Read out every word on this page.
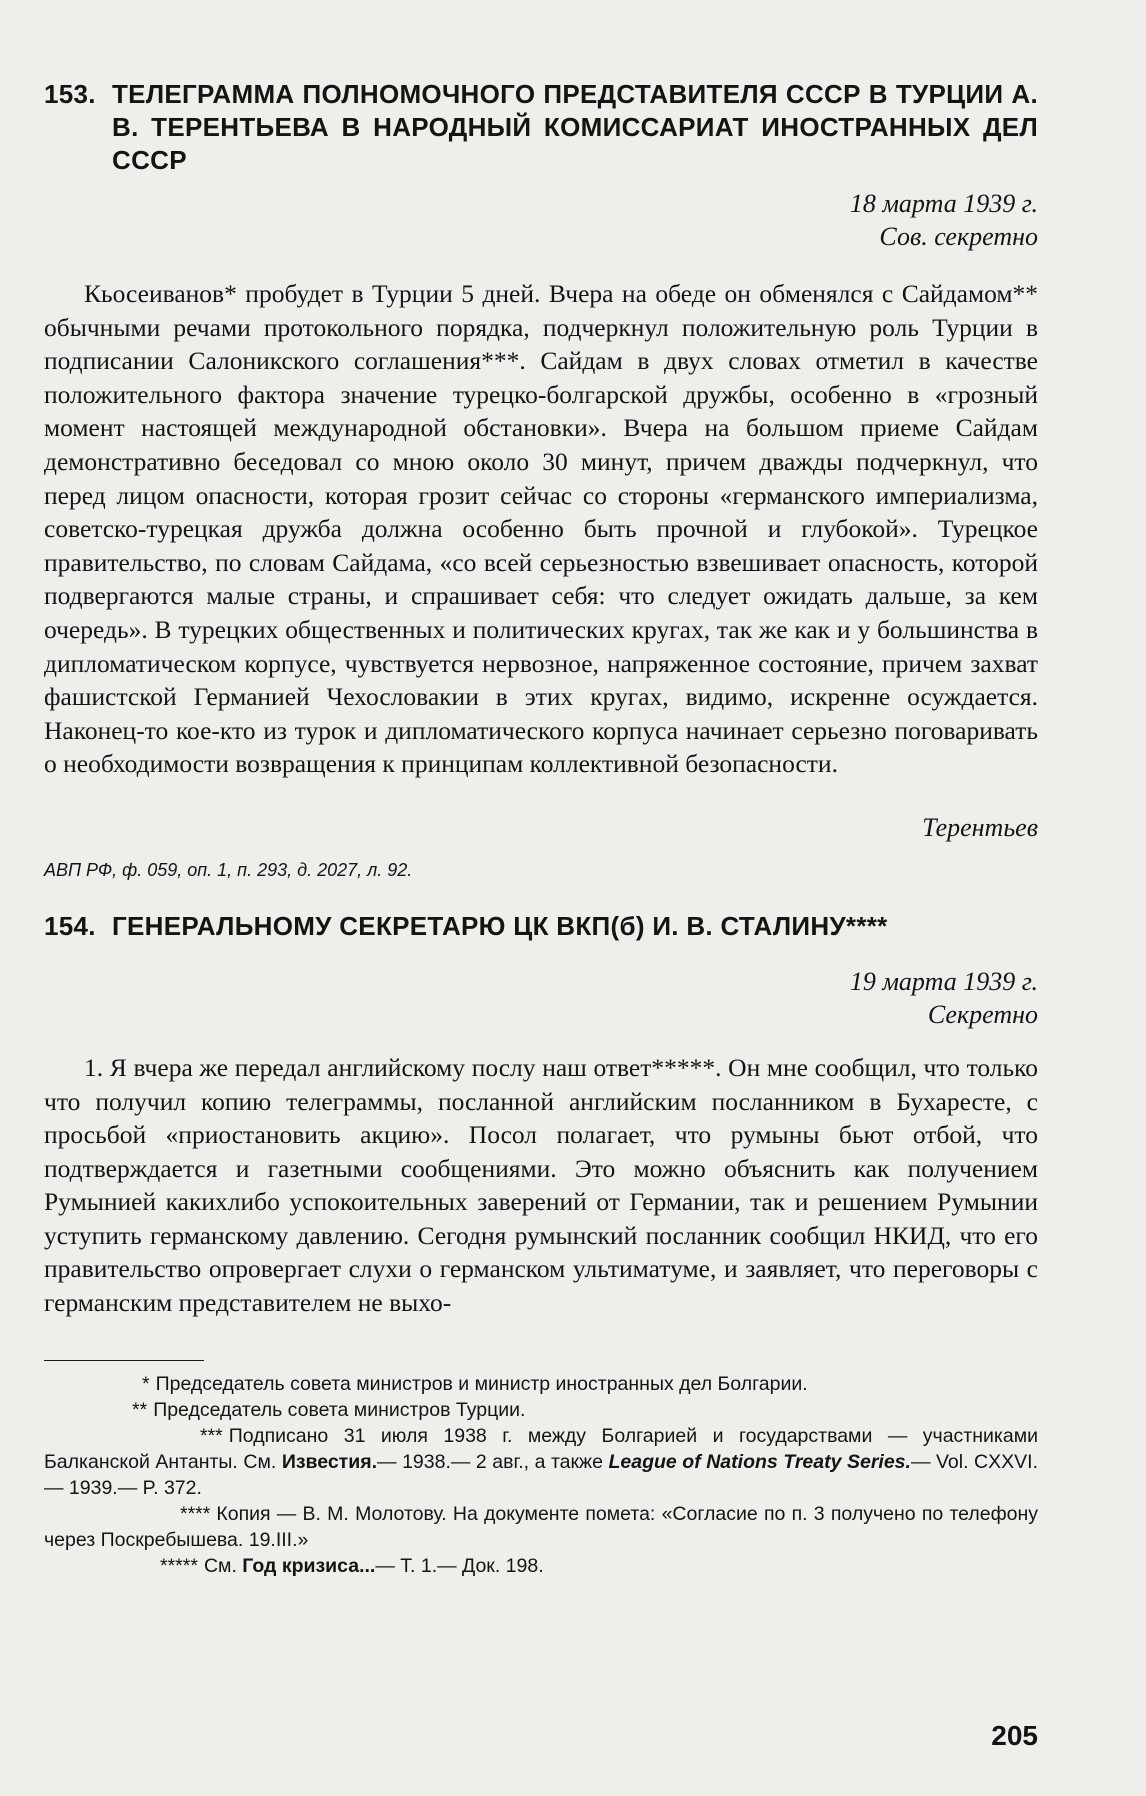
153. ТЕЛЕГРАММА ПОЛНОМОЧНОГО ПРЕДСТАВИТЕЛЯ СССР В ТУРЦИИ А. В. ТЕРЕНТЬЕВА В НАРОДНЫЙ КОМИССАРИАТ ИНОСТРАННЫХ ДЕЛ СССР
18 марта 1939 г.
Сов. секретно

Кьосеиванов* пробудет в Турции 5 дней. Вчера на обеде он обменялся с Сайдамом** обычными речами протокольного порядка, подчеркнул положительную роль Турции в подписании Салоникского соглашения***. Сайдам в двух словах отметил в качестве положительного фактора значение турецко-болгарской дружбы, особенно в «грозный момент настоящей международной обстановки». Вчера на большом приеме Сайдам демонстративно беседовал со мною около 30 минут, причем дважды подчеркнул, что перед лицом опасности, которая грозит сейчас со стороны «германского империализма, советско-турецкая дружба должна особенно быть прочной и глубокой». Турецкое правительство, по словам Сайдама, «со всей серьезностью взвешивает опасность, которой подвергаются малые страны, и спрашивает себя: что следует ожидать дальше, за кем очередь». В турецких общественных и политических кругах, так же как и у большинства в дипломатическом корпусе, чувствуется нервозное, напряженное состояние, причем захват фашистской Германией Чехословакии в этих кругах, видимо, искренне осуждается. Наконец-то кое-кто из турок и дипломатического корпуса начинает серьезно поговаривать о необходимости возвращения к принципам коллективной безопасности.

Терентьев
АВП РФ, ф. 059, оп. 1, п. 293, д. 2027, л. 92.
154. ГЕНЕРАЛЬНОМУ СЕКРЕТАРЮ ЦК ВКП(б) И. В. СТАЛИНУ****
19 марта 1939 г.
Секретно

1. Я вчера же передал английскому послу наш ответ*****. Он мне сообщил, что только что получил копию телеграммы, посланной английским посланником в Бухаресте, с просьбой «приостановить акцию». Посол полагает, что румыны бьют отбой, что подтверждается и газетными сообщениями. Это можно объяснить как получением Румынией какихлибо успокоительных заверений от Германии, так и решением Румынии уступить германскому давлению. Сегодня румынский посланник сообщил НКИД, что его правительство опровергает слухи о германском ультиматуме, и заявляет, что переговоры с германским представителем не выхо-

* Председатель совета министров и министр иностранных дел Болгарии.

** Председатель совета министров Турции.

*** Подписано 31 июля 1938 г. между Болгарией и государствами — участниками Балканской Антанты. См. Известия.— 1938.— 2 авг., а также League of Nations Treaty Series.— Vol. CXXVI.— 1939.— P. 372.

**** Копия — В. М. Молотову. На документе помета: «Согласие по п. 3 получено по телефону через Поскребышева. 19.III.»

***** См. Год кризиса...— Т. 1.— Док. 198.

205
